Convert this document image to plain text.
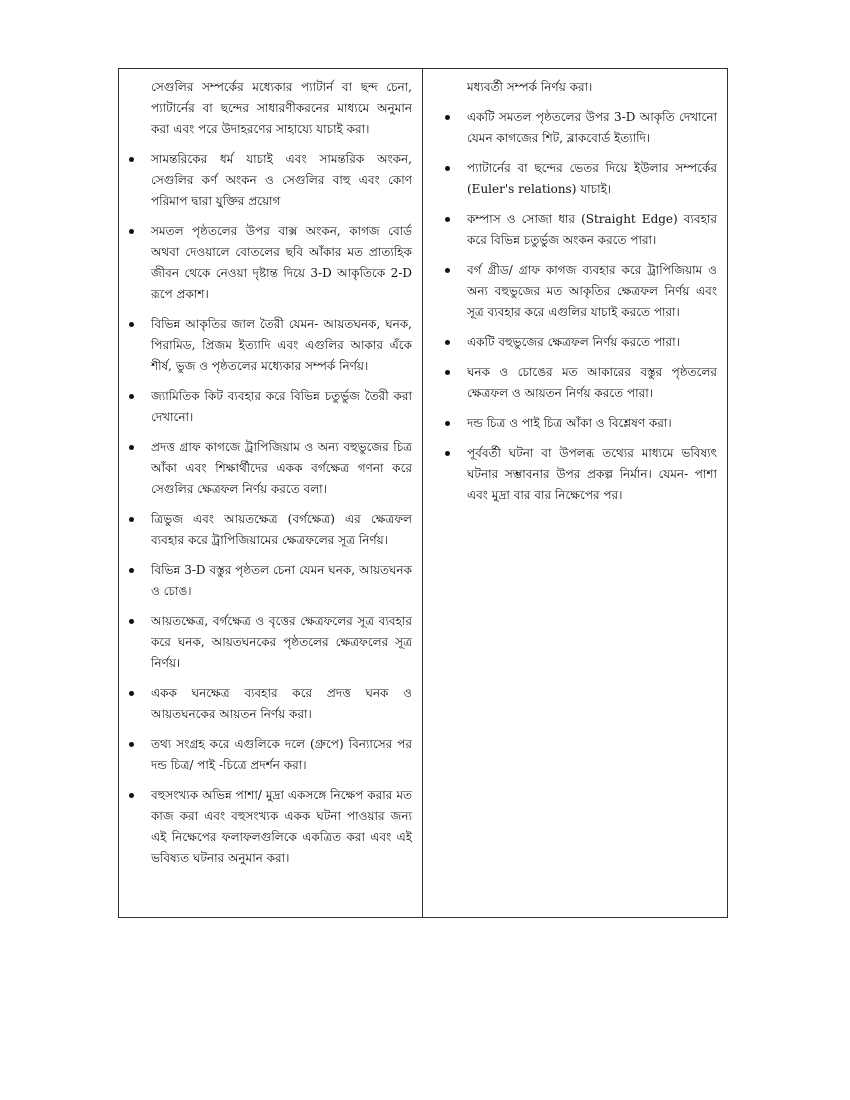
সেগুলির সম্পর্কের মধ্যেকার প্যাটার্ন বা ছন্দ চেনা, প্যাটার্নের বা ছন্দের সাধারণীকরনের মাধ্যমে অনুমান করা এবং পরে উদাহরণের সাহায্যে যাচাই করা।
সামন্তরিকের ধর্ম যাচাই এবং সামন্তরিক অংকন, সেগুলির কর্ণ অংকন ও সেগুলির বাহু এবং কোণ পরিমাপ দ্বারা যুক্তির প্রয়োগ
সমতল পৃষ্ঠতলের উপর বাক্স অংকন, কাগজ বোর্ড অথবা দেওয়ালে বোতলের ছবি আঁকার মত প্রাত্যহিক জীবন থেকে নেওয়া দৃষ্টান্ত দিয়ে 3-D আকৃতিকে 2-D রূপে প্রকাশ।
বিভিন্ন আকৃতির জাল তৈরী যেমন- আয়তঘনক, ঘনক, পিরামিড, প্রিজম ইত্যাদি এবং এগুলির আকার এঁকে শীর্ষ, ভুজ ও পৃষ্ঠতলের মধ্যেকার সম্পর্ক নির্ণয়।
জ্যামিতিক কিট ব্যবহার করে বিভিন্ন চতুর্ভুজ তৈরী করা দেখানো।
প্রদত্ত গ্রাফ কাগজে ট্রাপিজিয়াম ও অন্য বহুভুজের চিত্র আঁকা এবং শিক্ষার্থীদের একক বর্গক্ষেত্র গণনা করে সেগুলির ক্ষেত্রফল নির্ণয় করতে বলা।
ত্রিভুজ এবং আয়তক্ষেত্র (বর্গক্ষেত্র) এর ক্ষেত্রফল ব্যবহার করে ট্রাপিজিয়ামের ক্ষেত্রফলের সূত্র নির্ণয়।
বিভিন্ন 3-D বস্তুর পৃষ্ঠতল চেনা যেমন ঘনক, আয়তঘনক ও চোঙ।
আয়তক্ষেত্র, বর্গক্ষেত্র ও বৃত্তের ক্ষেত্রফলের সূত্র ব্যবহার করে ঘনক, আয়তঘনকের পৃষ্ঠতলের ক্ষেত্রফলের সূত্র নির্ণয়।
একক ঘনক্ষেত্র ব্যবহার করে প্রদত্ত ঘনক ও আয়তঘনকের আয়তন নির্ণয় করা।
তথ্য সংগ্রহ করে এগুলিকে দলে (গ্রুপে) বিন্যাসের পর দন্ড চিত্র/ পাই -চিত্রে প্রদর্শন করা।
বহুসংখ্যক অভিন্ন পাশা/ মুদ্রা একসঙ্গে নিক্ষেপ করার মত কাজ করা এবং বহুসংখ্যক একক ঘটনা পাওয়ার জন্য এই নিক্ষেপের ফলাফলগুলিকে একত্রিত করা এবং এই ভবিষ্যত ঘটনার অনুমান করা।
মধ্যবর্তী সম্পর্ক নির্ণয় করা।
একটি সমতল পৃষ্ঠতলের উপর 3-D আকৃতি দেখানো যেমন কাগজের শিট, ব্লাকবোর্ড ইত্যাদি।
প্যাটার্নের বা ছন্দের ভেতর দিয়ে ইউলার সম্পর্কের (Euler's relations) যাচাই।
কম্পাস ও সোজা ধার (Straight Edge) ব্যবহার করে বিভিন্ন চতুর্ভুজ অংকন করতে পারা।
বর্গ গ্রীড/ গ্রাফ কাগজ ব্যবহার করে ট্রাপিজিয়াম ও অন্য বহুভুজের মত আকৃতির ক্ষেত্রফল নির্ণয় এবং সূত্র ব্যবহার করে এগুলির যাচাই করতে পারা।
একটি বহুভুজের ক্ষেত্রফল নির্ণয় করতে পারা।
ঘনক ও চোঙের মত আকারের বস্তুর পৃষ্ঠতলের ক্ষেত্রফল ও আয়তন নির্ণয় করতে পারা।
দন্ড চিত্র ও পাই চিত্র আঁকা ও বিশ্লেষণ করা।
পূর্ববর্তী ঘটনা বা উপলব্ধ তথ্যের মাধ্যমে ভবিষ্যৎ ঘটনার সম্ভাবনার উপর প্রকল্প নির্মান। যেমন- পাশা এবং মুদ্রা বার বার নিক্ষেপের পর।
